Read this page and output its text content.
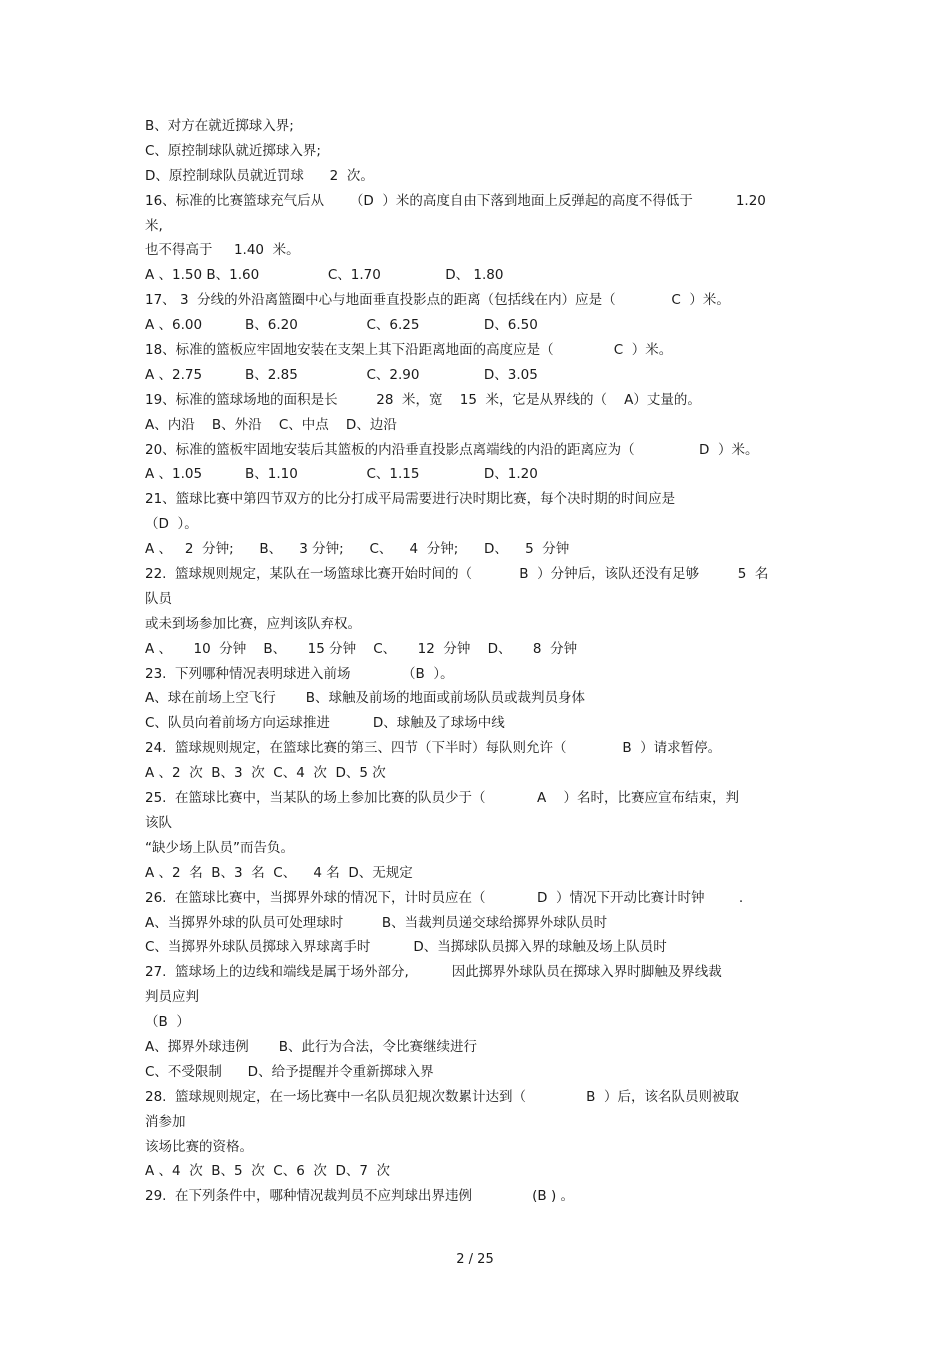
B、对方在就近掷球入界;

C、原控制球队就近掷球入界;

D、原控制球队员就近罚球      2  次。

16、标准的比赛篮球充气后从      （D  ）米的高度自由下落到地面上反弹起的高度不得低于          1.20

米,

也不得高于     1.40  米。

A 、1.50 B、1.60                C、1.70               D、 1.80

17、 3  分线的外沿离篮圈中心与地面垂直投影点的距离（包括线在内）应是（             C  ）米。

A 、6.00          B、6.20                C、6.25               D、6.50

18、标准的篮板应牢固地安装在支架上其下沿距离地面的高度应是（              C  ）米。

A 、2.75          B、2.85                C、2.90               D、3.05

19、标准的篮球场地的面积是长         28  米，宽    15  米，它是从界线的（    A）丈量的。

A、内沿    B、外沿    C、中点    D、边沿

20、标准的篮板牢固地安装后其篮板的内沿垂直投影点离端线的内沿的距离应为（               D  ）米。

A 、1.05          B、1.10                C、1.15               D、1.20

21、篮球比赛中第四节双方的比分打成平局需要进行决时期比赛，每个决时期的时间应是

（D  ）。

A 、   2  分钟;      B、    3 分钟;      C、    4  分钟;      D、    5  分钟

22.  篮球规则规定，某队在一场篮球比赛开始时间的（           B  ）分钟后，该队还没有足够         5  名

队员

或未到场参加比赛，应判该队弃权。

A 、     10  分钟    B、     15 分钟    C、     12  分钟    D、     8  分钟

23.  下列哪种情况表明球进入前场            （B  ）。

A、球在前场上空飞行       B、球触及前场的地面或前场队员或裁判员身体

C、队员向着前场方向运球推进          D、球触及了球场中线

24.  篮球规则规定，在篮球比赛的第三、四节（下半时）每队则允许（             B  ）请求暂停。

A 、2  次  B、3  次  C、4  次  D、5 次

25.  在篮球比赛中，当某队的场上参加比赛的队员少于（            A    ）名时，比赛应宣布结束，判

该队

“缺少场上队员”而告负。

A 、2  名  B、3  名  C、    4 名  D、无规定

26.  在篮球比赛中，当掷界外球的情况下，计时员应在（            D  ）情况下开动比赛计时钟        .

A、当掷界外球的队员可处理球时         B、当裁判员递交球给掷界外球队员时

C、当掷界外球队员掷球入界球离手时          D、当掷球队员掷入界的球触及场上队员时

27.  篮球场上的边线和端线是属于场外部分,          因此掷界外球队员在掷球入界时脚触及界线裁

判员应判

（B  ）

A、掷界外球违例       B、此行为合法，令比赛继续进行

C、不受限制      D、给予提醒并令重新掷球入界

28.  篮球规则规定，在一场比赛中一名队员犯规次数累计达到（              B  ）后，该名队员则被取

消参加

该场比赛的资格。

A 、4  次  B、5  次  C、6  次  D、7  次

29.  在下列条件中，哪种情况裁判员不应判球出界违例              (B ) 。

2 / 25
